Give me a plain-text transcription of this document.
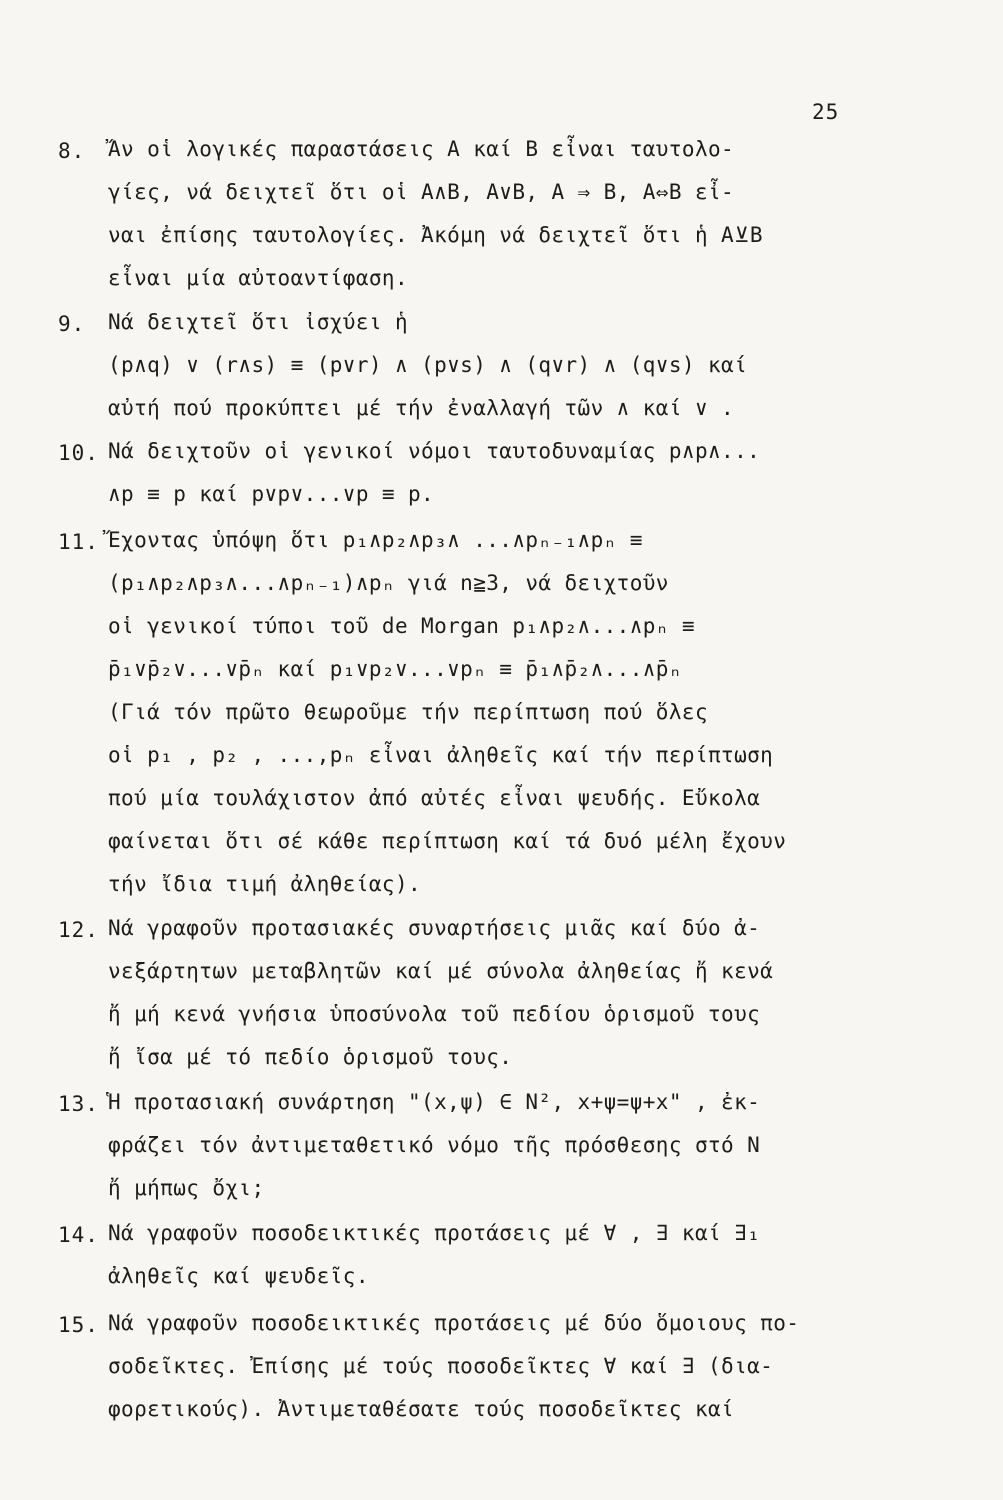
25
8. Ἄν οἱ λογικές παραστάσεις A καί B εἶναι ταυτολο-
γίες, νά δειχτεῖ ὅτι οἱ A∧B, A∨B, A ⇒ B, A⇔B εἶ-
ναι ἐπίσης ταυτολογίες. Ἀκόμη νά δειχτεῖ ὅτι ἡ A⊻B
εἶναι μία αὐτοαντίφαση.
9. Νά δειχτεῖ ὅτι ἰσχύει ἡ
(p∧q) ∨ (r∧s) ≡ (p∨r) ∧ (p∨s) ∧ (q∨r) ∧ (q∨s) καί
αὐτή πού προκύπτει μέ τήν ἐναλλαγή τῶν ∧ καί ∨ .
10. Νά δειχτοῦν οἱ γενικοί νόμοι ταυτοδυναμίας p∧p∧...
∧p ≡ p καί p∨p∨...∨p ≡ p.
11. Ἔχοντας ὑπόψη ὅτι p₁∧p₂∧p₃∧ ...∧pₙ₋₁∧pₙ ≡
(p₁∧p₂∧p₃∧...∧pₙ₋₁)∧pₙ γιά n≧3, νά δειχτοῦν
οἱ γενικοί τύποι τοῦ de Morgan p₁∧p₂∧...∧pₙ ≡
p̄₁∨p̄₂∨...∨p̄ₙ καί p₁∨p₂∨...∨pₙ ≡ p̄₁∧p̄₂∧...∧p̄ₙ
(Γιά τόν πρῶτο θεωροῦμε τήν περίπτωση πού ὅλες
οἱ p₁ , p₂ , ...,pₙ εἶναι ἀληθεῖς καί τήν περίπτωση
πού μία τουλάχιστον ἀπό αὐτές εἶναι ψευδής. Εὔκολα
φαίνεται ὅτι σέ κάθε περίπτωση καί τά δυό μέλη ἔχουν
τήν ἴδια τιμή ἀληθείας).
12. Νά γραφοῦν προτασιακές συναρτήσεις μιᾶς καί δύο ἀ-
νεξάρτητων μεταβλητῶν καί μέ σύνολα ἀληθείας ἤ κενά
ἤ μή κενά γνήσια ὑποσύνολα τοῦ πεδίου ὁρισμοῦ τους
ἤ ἴσα μέ τό πεδίο ὁρισμοῦ τους.
13. Ἡ προτασιακή συνάρτηση "(x,ψ) ∈ N², x+ψ=ψ+x" , ἐκ-
φράζει τόν ἀντιμεταθετικό νόμο τῆς πρόσθεσης στό N
ἤ μήπως ὄχι;
14. Νά γραφοῦν ποσοδεικτικές προτάσεις μέ ∀ , ∃ καί ∃₁
ἀληθεῖς καί ψευδεῖς.
15. Νά γραφοῦν ποσοδεικτικές προτάσεις μέ δύο ὅμοιους πο-
σοδεῖκτες. Ἐπίσης μέ τούς ποσοδεῖκτες ∀ καί ∃ (δια-
φορετικούς). Ἀντιμεταθέσατε τούς ποσοδεῖκτες καί
